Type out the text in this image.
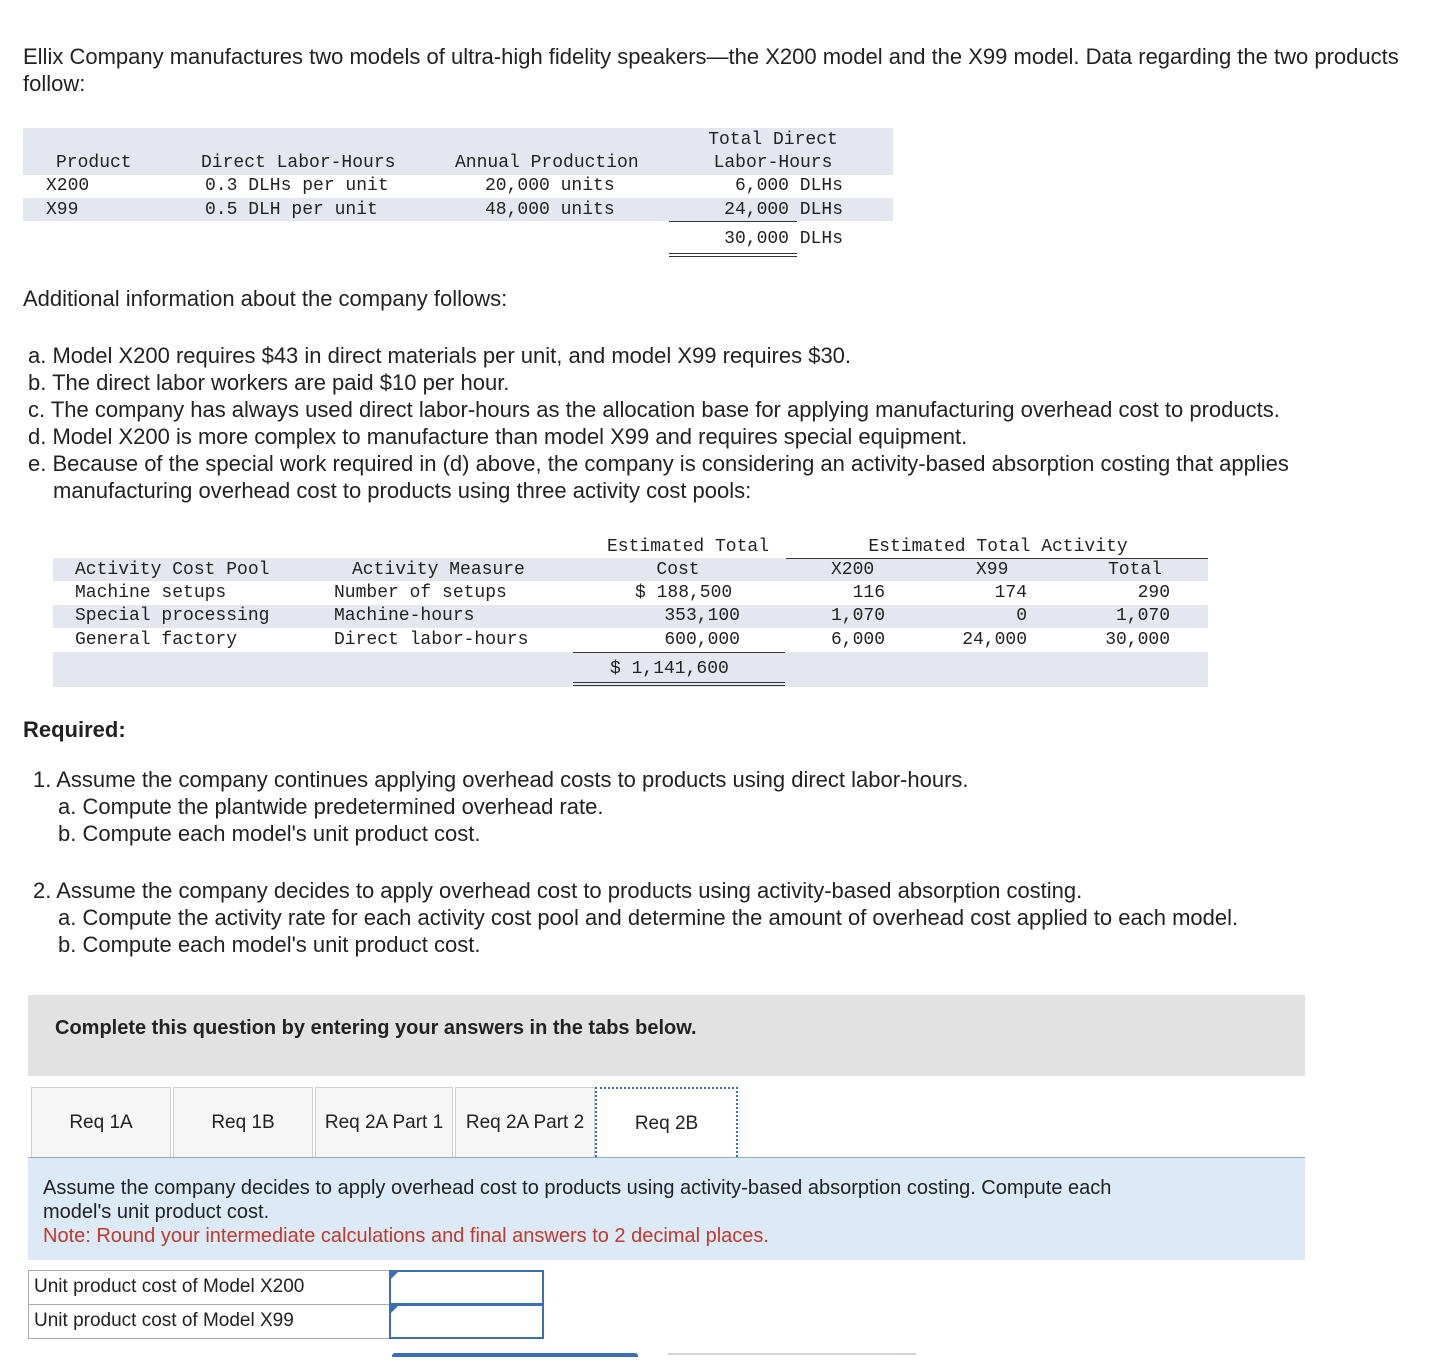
Ellix Company manufactures two models of ultra-high fidelity speakers—the X200 model and the X99 model. Data regarding the two products follow:
Product	Direct Labor-Hours	Annual Production
Total Direct
Labor-Hours
X200	0.3 DLHs per unit	20,000 units	6,000 DLHs
X99	0.5 DLH per unit	48,000 units	24,000 DLHs
30,000 DLHs
Additional information about the company follows:
a. Model X200 requires $43 in direct materials per unit, and model X99 requires $30.
b. The direct labor workers are paid $10 per hour.
c. The company has always used direct labor-hours as the allocation base for applying manufacturing overhead cost to products.
d. Model X200 is more complex to manufacture than model X99 and requires special equipment.
e. Because of the special work required in (d) above, the company is considering an activity-based absorption costing that applies
manufacturing overhead cost to products using three activity cost pools:
Estimated Total	Estimated Total Activity
Activity Cost Pool	Activity Measure	Cost	X200	X99	Total
Machine setups	Number of setups	$ 188,500	116	174	290
Special processing	Machine-hours	353,100	1,070	0	1,070
General factory	Direct labor-hours	600,000	6,000	24,000	30,000
$ 1,141,600
Required:
1. Assume the company continues applying overhead costs to products using direct labor-hours.
a. Compute the plantwide predetermined overhead rate.
b. Compute each model's unit product cost.
2. Assume the company decides to apply overhead cost to products using activity-based absorption costing.
a. Compute the activity rate for each activity cost pool and determine the amount of overhead cost applied to each model.
b. Compute each model's unit product cost.
Complete this question by entering your answers in the tabs below.
Req 1A	Req 1B	Req 2A Part 1	Req 2A Part 2	Req 2B
Assume the company decides to apply overhead cost to products using activity-based absorption costing. Compute each
model's unit product cost.
Note: Round your intermediate calculations and final answers to 2 decimal places.
Unit product cost of Model X200
Unit product cost of Model X99
